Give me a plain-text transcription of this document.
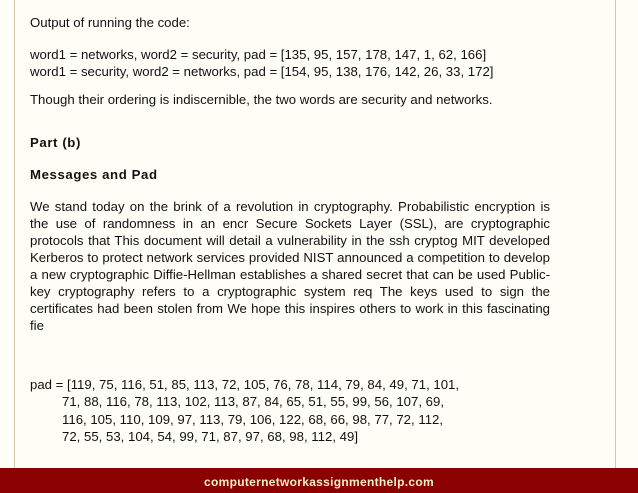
Output of running the code:

word1 = networks, word2 = security, pad = [135, 95, 157, 178, 147, 1, 62, 166]

word1 = security, word2 = networks, pad = [154, 95, 138, 176, 142, 26, 33, 172]

Though their ordering is indiscernible, the two words are security and networks.

Part (b)

Messages and Pad

We stand today on the brink of a revolution in cryptography. Probabilistic encryption is the use of randomness in an encr Secure Sockets Layer (SSL), are cryptographic protocols that This document will detail a vulnerability in the ssh cryptog MIT developed Kerberos to protect network services provided NIST announced a competition to develop a new cryptographic Diffie-Hellman establishes a shared secret that can be used Public-key cryptography refers to a cryptographic system req The keys used to sign the certificates had been stolen from We hope this inspires others to work in this fascinating fie

pad = [119, 75, 116, 51, 85, 113, 72, 105, 76, 78, 114, 79, 84, 49, 71, 101,
71, 88, 116, 78, 113, 102, 113, 87, 84, 65, 51, 55, 99, 56, 107, 69,
116, 105, 110, 109, 97, 113, 79, 106, 122, 68, 66, 98, 77, 72, 112,
72, 55, 53, 104, 54, 99, 71, 87, 97, 68, 98, 112, 49]
computernetworkassignmenthelp.com
